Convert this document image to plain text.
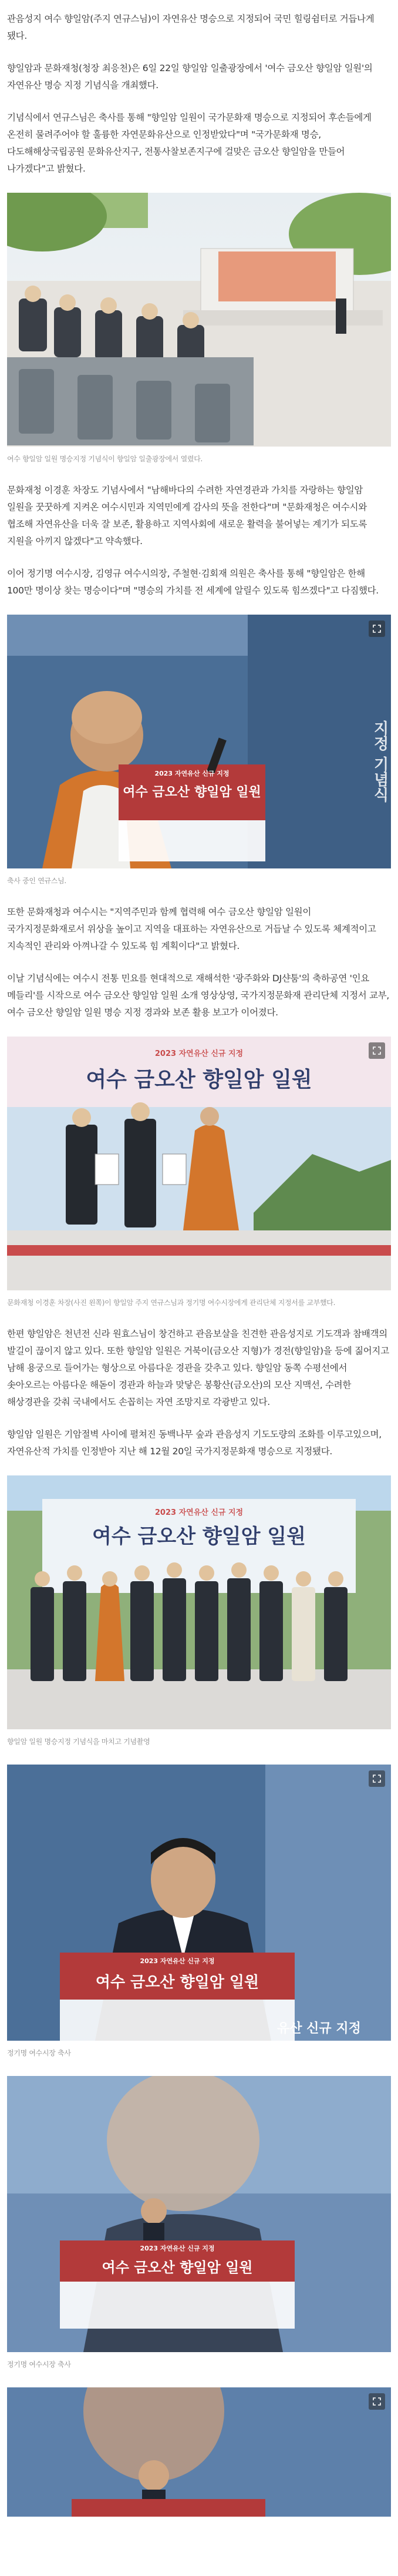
관음성지 여수 향일암(주지 연규스님)이 자연유산 명승으로 지정되어 국민 힐링쉼터로 거듭나게 됐다.

향일암과 문화재청(청장 최응천)은 6일 22일 향일암 일출광장에서 '여수 금오산 향일암 일원'의 자연유산 명승 지정 기념식을 개최했다.

기념식에서 연규스님은 축사를 통해 "향일암 일원이 국가문화재 명승으로 지정되어 후손들에게 온전히 물려주어야 할 훌륭한 자연문화유산으로 인정받았다"며 "국가문화재 명승, 다도해해상국립공원 문화유산지구, 전통사찰보존지구에 걸맞은 금오산 향일암을 만들어 나가겠다"고 밝혔다.

여수 향일암 일원 명승지정 기념식이 향일암 일출광장에서 열렸다.

문화재청 이경훈 차장도 기념사에서 "남해바다의 수려한 자연경관과 가치를 자랑하는 향일암 일원을 꿋꿋하게 지켜온 여수시민과 지역민에게 감사의 뜻을 전한다"며 "문화재청은 여수시와 협조해 자연유산을 더욱 잘 보존, 활용하고 지역사회에 새로운 활력을 불어넣는 계기가 되도록 지원을 아끼지 않겠다"고 약속했다.

이어 정기명 여수시장, 김영규 여수시의장, 주철현·김회재 의원은 축사를 통해 "향일암은 한해 100만 명이상 찾는 명승이다"며 "명승의 가치를 전 세계에 알릴수 있도록 힘쓰겠다"고 다짐했다.

2023 자연유산 신규 지정
여수 금오산 향일암 일원	지정 기념식

축사 중인 연규스님.

또한 문화재청과 여수시는 "지역주민과 함께 협력해 여수 금오산 향일암 일원이 국가지정문화재로서 위상을 높이고 지역을 대표하는 자연유산으로 거듭날 수 있도록 체계적이고 지속적인 관리와 아껴나갈 수 있도록 힘 계획이다"고 밝혔다.

이날 기념식에는 여수시 전통 민요를 현대적으로 재해석한 '광주화와 DJ샨툼'의 축하공연 '인요 메들리'를 시작으로 여수 금오산 향일암 일원 소개 영상상영, 국가지정문화재 관리단체 지정서 교부, 여수 금오산 향일암 일원 명승 지정 경과와 보존 활용 보고가 이어졌다.

2023 자연유산 신규 지정
여수 금오산 향일암 일원

문화재청 이경훈 차장(사진 왼쪽)이 향일암 주지 연규스님과 정기명 여수시장에게 관리단체 지정서를 교부했다.

한편 향일암은 천년전 신라 원효스님이 창건하고 관음보살을 친견한 관음성지로 기도객과 참배객의 발길이 끊이지 않고 있다. 또한 향일암 일원은 거북이(금오산 지형)가 경전(향일암)을 등에 짊어지고 남해 용궁으로 들어가는 형상으로 아름다운 경관을 갖추고 있다. 향일암 동쪽 수평선에서 솟아오르는 아름다운 해돋이 경관과 하늘과 맞닿은 봉황산(금오산)의 모산 지맥선, 수려한 해상경관을 갖춰 국내에서도 손꼽히는 자연 조망지로 각광받고 있다.

향일암 일원은 기암절벽 사이에 펼쳐진 동백나무 숲과 관음성지 기도도량의 조화를 이루고있으며, 자연유산적 가치를 인정받아 지난 해 12월 20일 국가지정문화재 명승으로 지정됐다.

2023 자연유산 신규 지정
여수 금오산 향일암 일원

향일암 일원 명승지정 기념식을 마치고 기념촬영

2023 자연유산 신규 지정
여수 금오산 향일암 일원
유산 신규 지정

정기명 여수시장 축사

2023 자연유산 신규 지정
여수 금오산 향일암 일원

정기명 여수시장 축사
